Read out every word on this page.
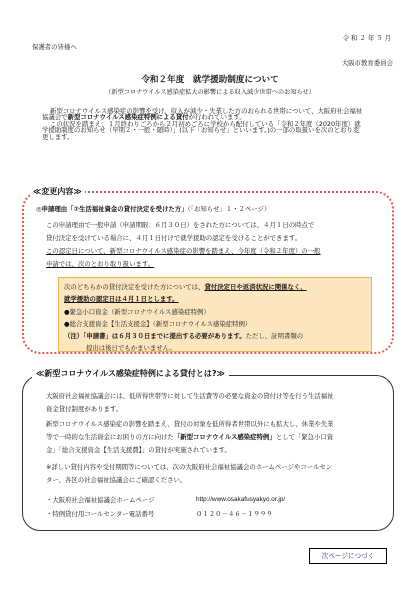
令和２年５月
保護者の皆様へ
大阪市教育委員会
令和２年度　就学援助制度について
（新型コロナウイルス感染症拡大の影響による収入減少世帯へのお知らせ）
新型コロナウイルス感染症の影響を受け、収入が減少・失業した方のおられる世帯について、大阪府社会福祉
協議会で新型コロナウイルス感染症特例による貸付が行われています。
この状況を踏まえ、１月終わりごろから２月初めごろに学校から配付している「令和２年度（2020年度）就
学援助制度のお知らせ（早期２・一般・随時）」(以下「お知らせ」といいます。)の一部の取扱いを次のとおり変
更します。
≪変更内容≫
◎申請理由「⑦生活福祉資金の貸付決定を受けた方」（「お知らせ」１・２ページ）
この申請理由で一般申請（申請期限：６月３０日）をされた方については、４月１日の時点で
貸付決定を受けている場合に、４月１日付けで就学援助の認定を受けることができます。
この認定日について、新型コロナウイルス感染症の影響を踏まえ、今年度（令和２年度）の一般
申請では、次のとおり取り扱います。
次のどちらかの貸付決定を受けた方については、貸付決定日や返済状況に関係なく、
就学援助の認定日は４月１日とします。
●緊急小口資金（新型コロナウイルス感染症特例）
●総合支援資金【生活支援金】（新型コロナウイルス感染症特例）
（注）「申請書」は６月３０日までに提出する必要があります。ただし、証明書類の
提出は後日でもかまいません。
≪新型コロナウイルス感染症特例による貸付とは?≫
大阪府社会福祉協議会には、低所得世帯等に対して生活費等の必要な資金の貸付け等を行う生活福祉
資金貸付制度があります。
新型コロナウイルス感染症の影響を踏まえ、貸付の対象を低所得者世帯以外にも拡大し、休業や失業
等で一時的な生活資金にお困りの方に向けた「新型コロナウイルス感染症特例」として「緊急小口資
金」「総合支援資金【生活支援費】」の貸付が実施されています。
※詳しい貸付内容や受付期間等については、次の大阪府社会福祉協議会のホームページやコールセン
ター、各区の社会福祉協議会にご確認ください。
・大阪府社会福祉協議会ホームページ	http://www.osakafusyakyo.or.jp/
・特例貸付用コールセンター電話番号	０１２０－４６－１９９９
次ページにつづく
